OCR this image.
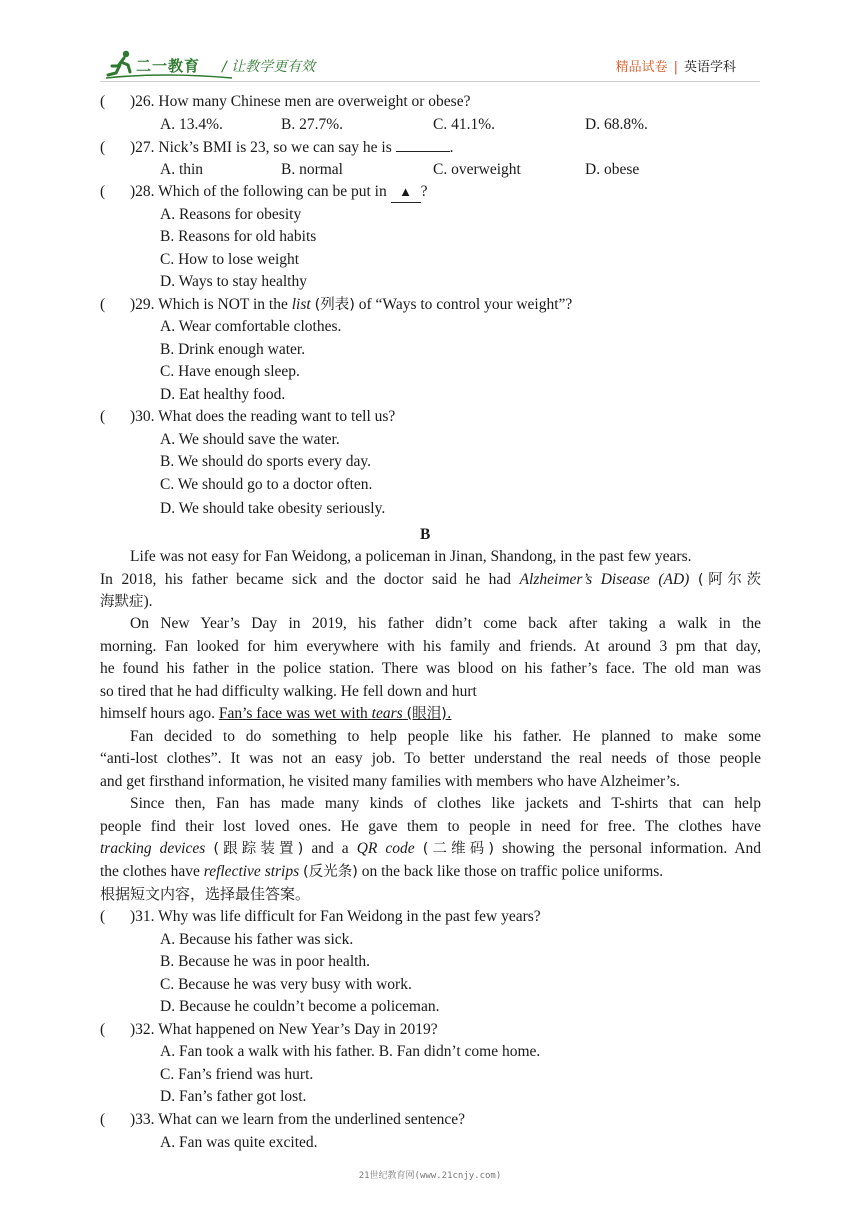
二一教育 / 让教学更有效	精品试卷 | 英语学科
( )26. How many Chinese men are overweight or obese?
A. 13.4%.	B. 27.7%.	C. 41.1%.	D. 68.8%.
( )27. Nick’s BMI is 23, so we can say he is	.
A. thin	B. normal	C. overweight	D. obese
( )28. Which of the following can be put in ▲ ?
A. Reasons for obesity
B. Reasons for old habits
C. How to lose weight
D. Ways to stay healthy
( )29. Which is NOT in the list (列表) of “Ways to control your weight”?
A. Wear comfortable clothes.
B. Drink enough water.
C. Have enough sleep.
D. Eat healthy food.
( )30. What does the reading want to tell us?
A. We should save the water.
B. We should do sports every day.
C. We should go to a doctor often.
D. We should take obesity seriously.
B
Life was not easy for Fan Weidong, a policeman in Jinan, Shandong, in the past few years.
In 2018, his father became sick and the doctor said he had Alzheimer’s Disease (AD) (阿尔茨
海默症).
On New Year’s Day in 2019, his father didn’t come back after taking a walk in the
morning. Fan looked for him everywhere with his family and friends. At around 3 pm that day,
he found his father in the police station. There was blood on his father’s face. The old man was
so tired that he had difficulty walking. He fell down and hurt
himself hours ago. Fan’s face was wet with tears (眼泪).
Fan decided to do something to help people like his father. He planned to make some
“anti-lost clothes”. It was not an easy job. To better understand the real needs of those people
and get firsthand information, he visited many families with members who have Alzheimer’s.
Since then, Fan has made many kinds of clothes like jackets and T-shirts that can help
people find their lost loved ones. He gave them to people in need for free. The clothes have
tracking devices (跟踪装置) and a QR code (二维码) showing the personal information. And
the clothes have reflective strips (反光条) on the back like those on traffic police uniforms.
根据短文内容，选择最佳答案。
( )31. Why was life difficult for Fan Weidong in the past few years?
A. Because his father was sick.
B. Because he was in poor health.
C. Because he was very busy with work.
D. Because he couldn’t become a policeman.
( )32. What happened on New Year’s Day in 2019?
A. Fan took a walk with his father. B. Fan didn’t come home.
C. Fan’s friend was hurt.
D. Fan’s father got lost.
( )33. What can we learn from the underlined sentence?
A. Fan was quite excited.
21世纪教育网(www.21cnjy.com)
